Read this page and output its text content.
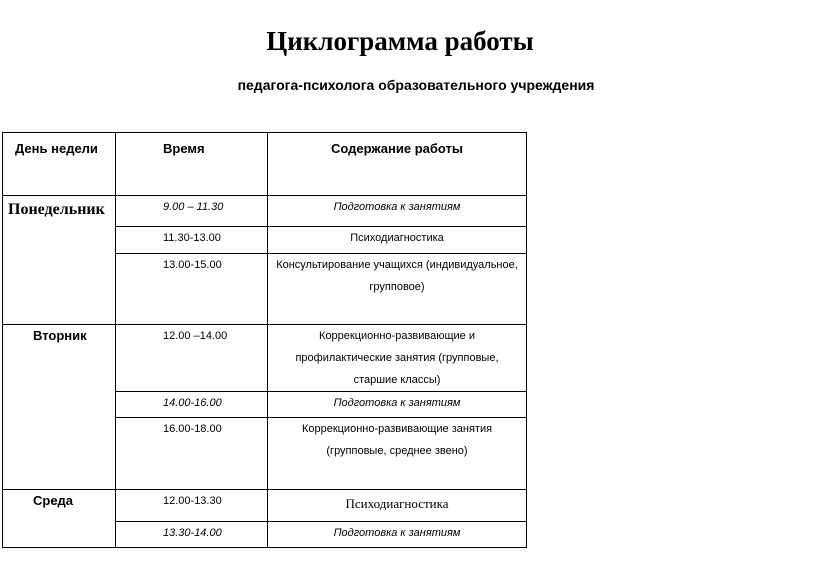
Циклограмма работы
педагога-психолога образовательного учреждения
День недели	Время	Содержание работы
Понедельник	9.00 – 11.30	Подготовка к занятиям
	11.30-13.00	Психодиагностика
	13.00-15.00	Консультирование учащихся (индивидуальное, групповое)
Вторник	12.00 –14.00	Коррекционно-развивающие и профилактические занятия (групповые, старшие классы)
	14.00-16.00	Подготовка к занятиям
	16.00-18.00	Коррекционно-развивающие занятия (групповые, среднее звено)
Среда	12.00-13.30	Психодиагностика
	13.30-14.00	Подготовка к занятиям
